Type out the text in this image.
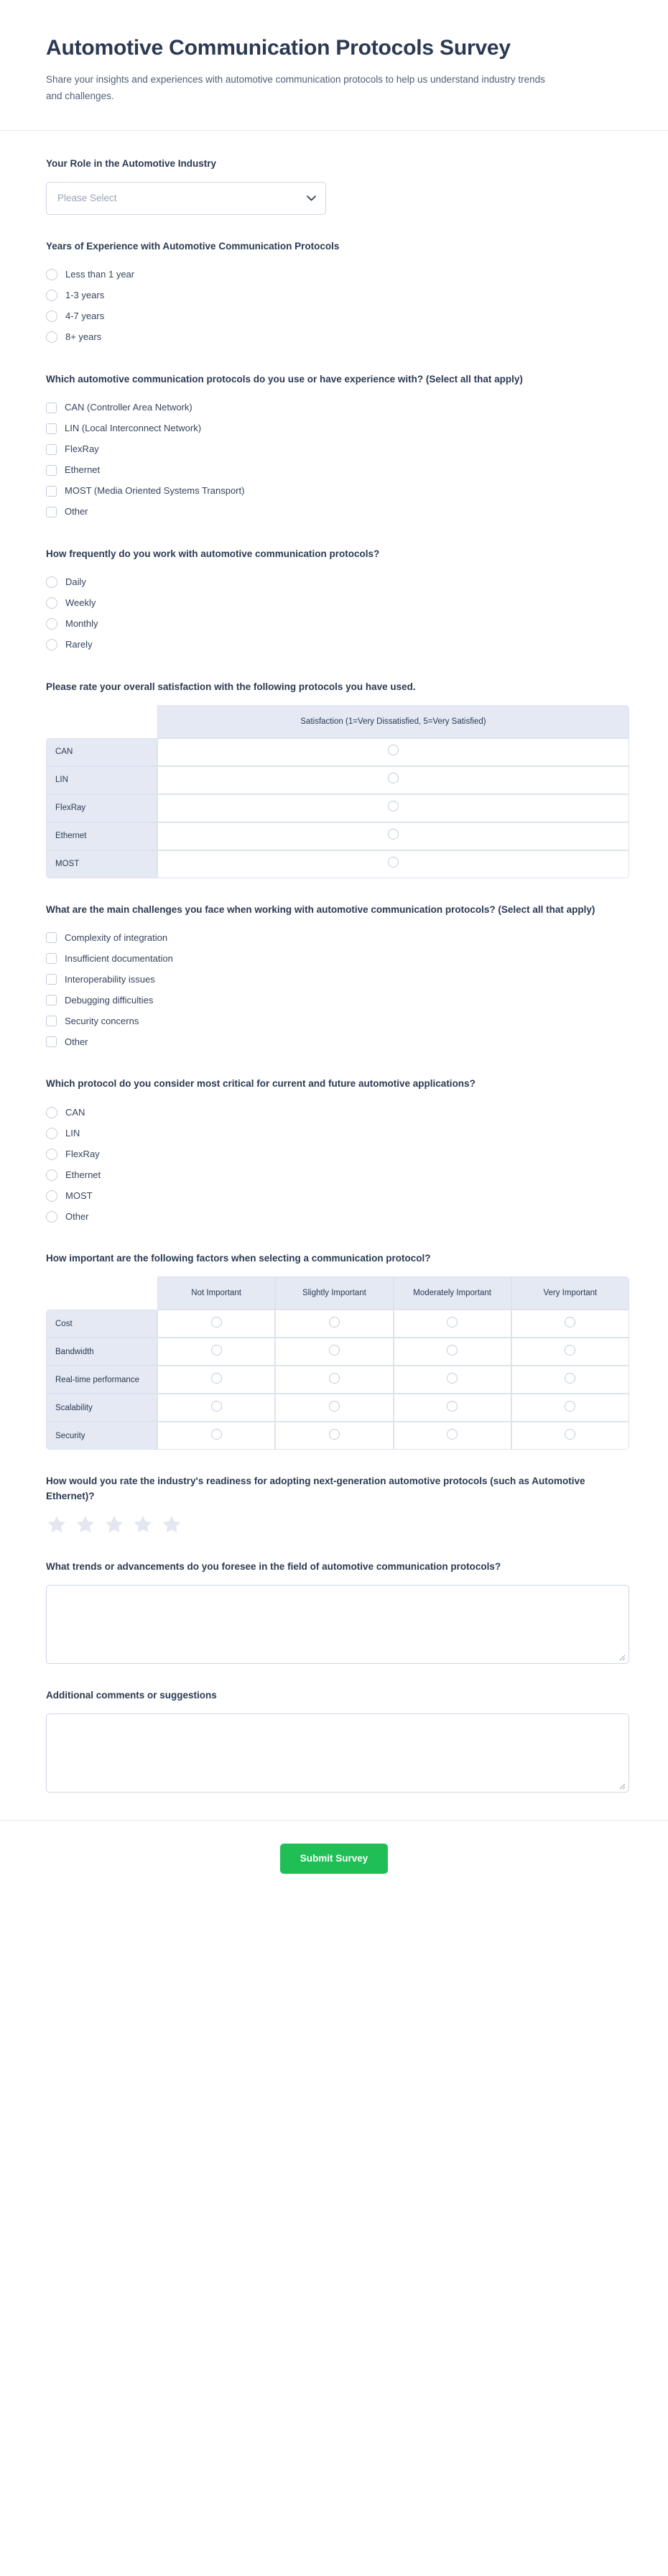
Automotive Communication Protocols Survey

Share your insights and experiences with automotive communication protocols to help us understand industry trends and challenges.

Your Role in the Automotive Industry
Please Select
Years of Experience with Automotive Communication Protocols
Less than 1 year
1-3 years
4-7 years
8+ years
Which automotive communication protocols do you use or have experience with? (Select all that apply)
CAN (Controller Area Network)
LIN (Local Interconnect Network)
FlexRay
Ethernet
MOST (Media Oriented Systems Transport)
Other
How frequently do you work with automotive communication protocols?
Daily
Weekly
Monthly
Rarely
Please rate your overall satisfaction with the following protocols you have used.
	Satisfaction (1=Very Dissatisfied, 5=Very Satisfied)
CAN	
LIN	
FlexRay	
Ethernet	
MOST	
What are the main challenges you face when working with automotive communication protocols? (Select all that apply)
Complexity of integration
Insufficient documentation
Interoperability issues
Debugging difficulties
Security concerns
Other
Which protocol do you consider most critical for current and future automotive applications?
CAN
LIN
FlexRay
Ethernet
MOST
Other
How important are the following factors when selecting a communication protocol?
	Not Important	Slightly Important	Moderately Important	Very Important
Cost				
Bandwidth				
Real-time performance				
Scalability				
Security				
How would you rate the industry's readiness for adopting next-generation automotive protocols (such as Automotive Ethernet)?
What trends or advancements do you foresee in the field of automotive communication protocols?
Additional comments or suggestions
Submit Survey
